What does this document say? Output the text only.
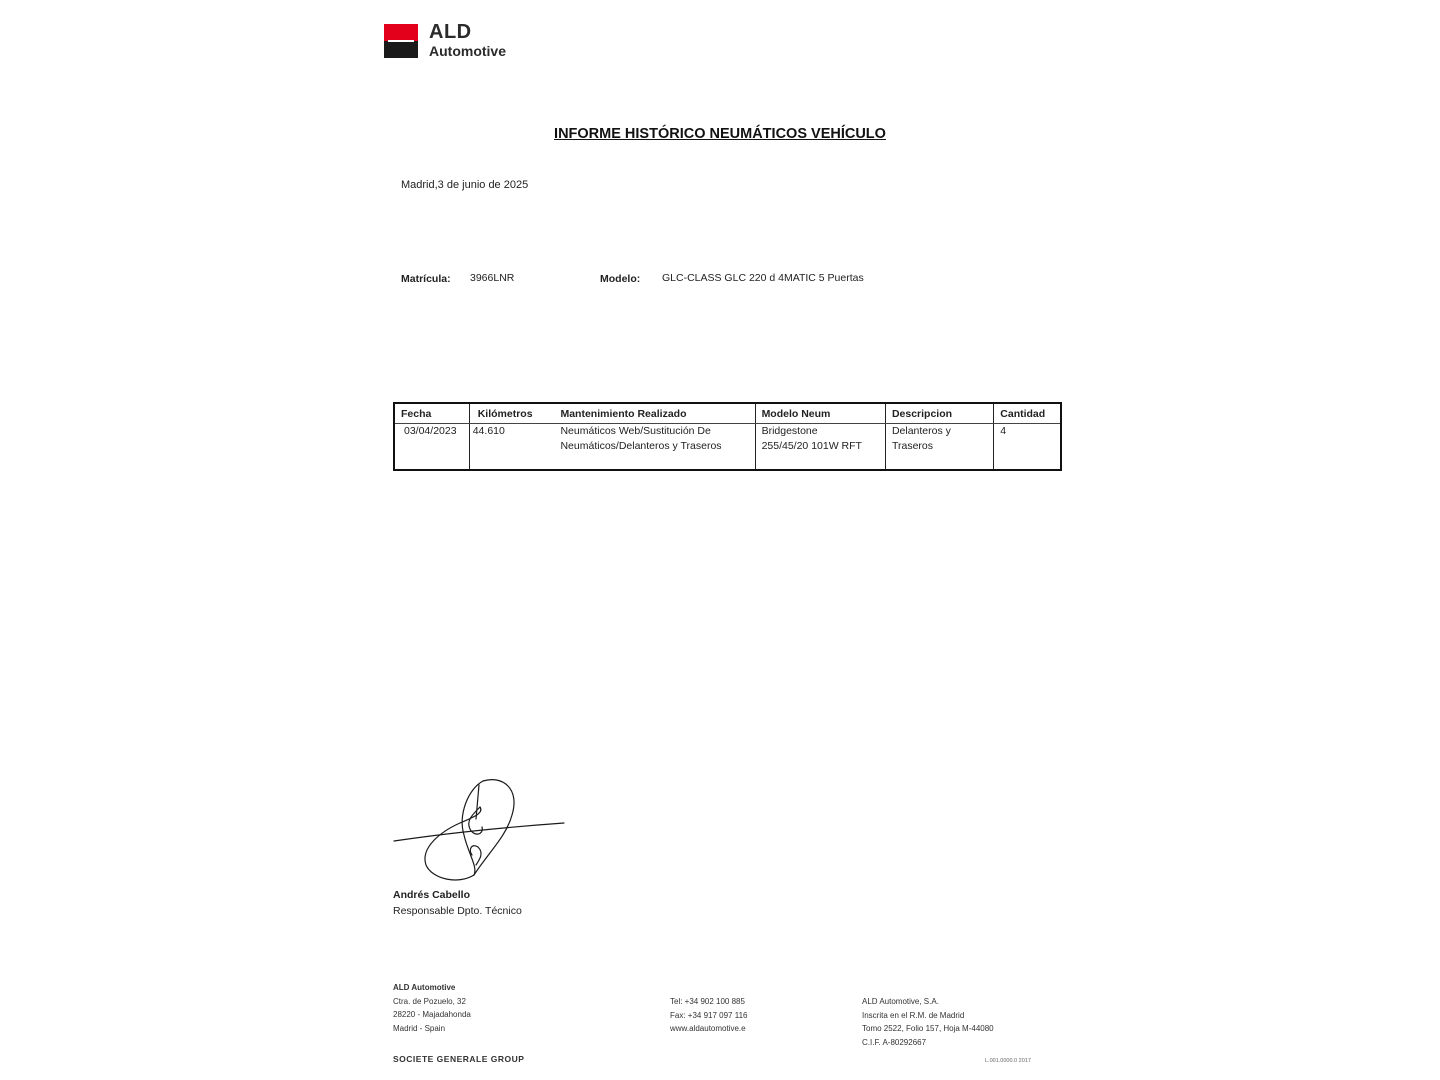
ALD
Automotive
INFORME HISTÓRICO NEUMÁTICOS VEHÍCULO
Madrid,3 de junio de 2025
Matrícula: 3966LNR	Modelo: GLC-CLASS GLC 220 d 4MATIC 5 Puertas
Fecha	Kilómetros	Mantenimiento Realizado	Modelo Neum	Descripcion	Cantidad
03/04/2023	44.610	Neumáticos Web/Sustitución De Neumáticos/Delanteros y Traseros	Bridgestone 255/45/20 101W RFT	Delanteros y Traseros	4
Andrés Cabello
Responsable Dpto. Técnico
ALD Automotive
Ctra. de Pozuelo, 32
28220 - Majadahonda
Madrid - Spain
Tel: +34 902 100 885
Fax: +34 917 097 116
www.aldautomotive.e
ALD Automotive, S.A.
Inscrita en el R.M. de Madrid
Tomo 2522, Folio 157, Hoja M-44080
C.I.F. A-80292667
SOCIETE GENERALE GROUP	L.001.0000.0 2017
